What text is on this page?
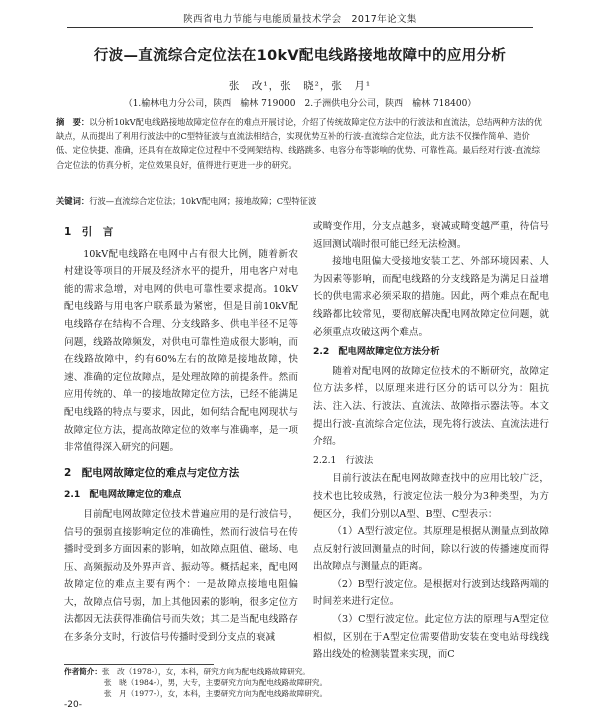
陕西省电力节能与电能质量技术学会　2017年论文集
行波—直流综合定位法在10kV配电线路接地故障中的应用分析
张　改¹，张　晓²，张　月¹
（1.榆林电力分公司，陕西　榆林 719000　2.子洲供电分公司，陕西　榆林 718400）
摘　要：以分析10kV配电线路接地故障定位存在的难点开展讨论，介绍了传统故障定位方法中的行波法和直流法，总结两种方法的优缺点，从而提出了利用行波法中的C型特征波与直流法相结合，实现优势互补的行波-直流综合定位法，此方法不仅操作简单、造价低、定位快捷、准确，还具有在故障定位过程中不受网架结构、线路跳多、电容分布等影响的优势、可靠性高。最后经对行波-直流综合定位法的仿真分析，定位效果良好，值得进行更进一步的研究。
关键词：行波—直流综合定位法；10kV配电网；接地故障；C型特征波
1　引　言

10kV配电线路在电网中占有很大比例，随着新农村建设等项目的开展及经济水平的提升，用电客户对电能的需求急增，对电网的供电可靠性要求提高。10kV配电线路与用电客户联系最为紧密，但是目前10kV配电线路存在结构不合理、分支线路多、供电半径不足等问题，线路故障频发，对供电可靠性造成很大影响，而在线路故障中，约有60%左右的故障是接地故障，快速、准确的定位故障点，是处理故障的前提条件。然而应用传统的、单一的接地故障定位方法，已经不能满足配电线路的特点与要求，因此，如何结合配电网现状与故障定位方法，提高故障定位的效率与准确率，是一项非常值得深入研究的问题。

2　配电网故障定位的难点与定位方法
2.1　配电网故障定位的难点

目前配电网故障定位技术普遍应用的是行波信号，信号的强弱直接影响定位的准确性，然而行波信号在传播时受到多方面因素的影响，如故障点阻值、磁场、电压、高频振动及外界声音、振动等。概括起来，配电网故障定位的难点主要有两个：一是故障点接地电阻偏大，故障点信号弱，加上其他因素的影响，很多定位方法都因无法获得准确信号而失效；其二是当配电线路存在多条分支时，行波信号传播时受到分支点的衰减

或畸变作用，分支点越多，衰减或畸变越严重，待信号返回测试端时很可能已经无法检测。

接地电阻偏大受接地安装工艺、外部环境因素、人为因素等影响，而配电线路的分支线路是为满足日益增长的供电需求必须采取的措施。因此，两个难点在配电线路都比较常见，要彻底解决配电网故障定位问题，就必须重点攻破这两个难点。

2.2　配电网故障定位方法分析

随着对配电网的故障定位技术的不断研究，故障定位方法多样，以原理来进行区分的话可以分为：阻抗法、注入法、行波法、直流法、故障指示器法等。本文提出行波-直流综合定位法，现先将行波法、直流法进行介绍。

2.2.1　行波法

目前行波法在配电网故障查找中的应用比较广泛，技术也比较成熟，行波定位法一般分为3种类型，为方便区分，我们分别以A型、B型、C型表示：

（1）A型行波定位。其原理是根据从测量点到故障点反射行波回测量点的时间，除以行波的传播速度而得出故障点与测量点的距离。

（2）B型行波定位。是根据对行波到达线路两端的时间差来进行定位。

（3）C型行波定位。此定位方法的原理与A型定位相似，区别在于A型定位需要借助安装在变电站母线线路出线处的检测装置来实现，而C

作者简介：张　改（1978-），女，本科，研究方向为配电线路故障研究。
张　晓（1984-），男，大专，主要研究方向为配电线路故障研究。
张　月（1977-），女，本科，主要研究方向为配电线路故障研究。
-20-
